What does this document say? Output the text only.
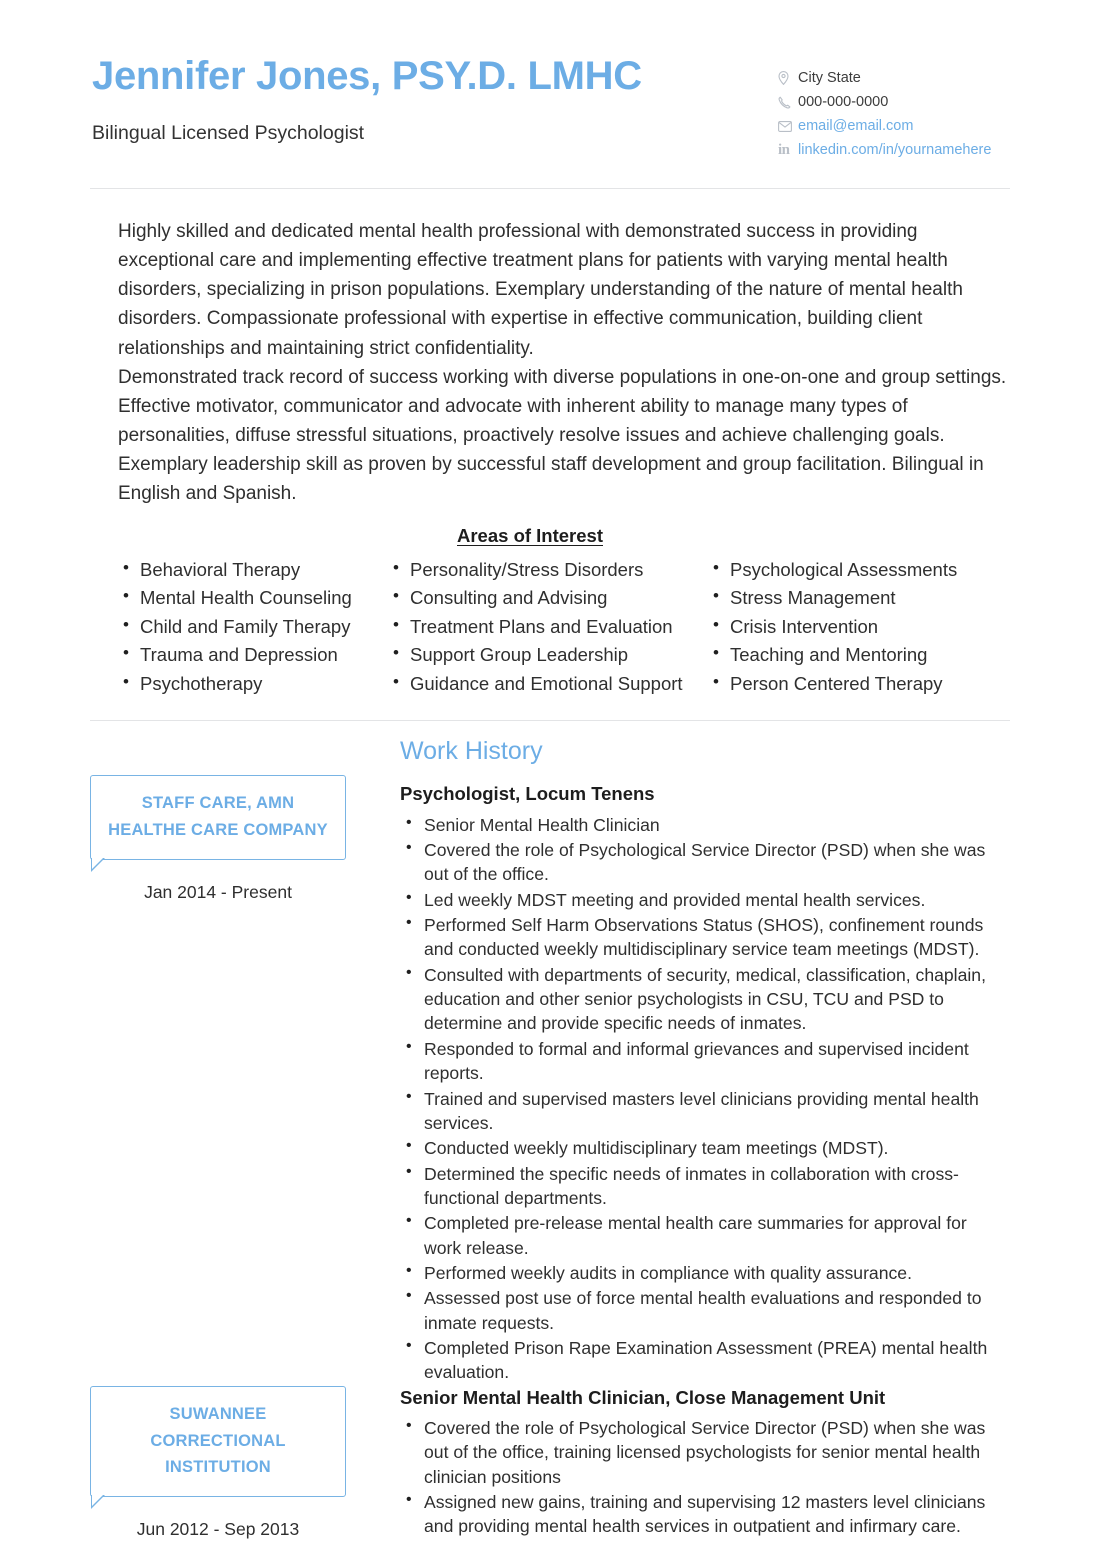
Jennifer Jones, PSY.D. LMHC
Bilingual Licensed Psychologist
City State
000-000-0000
email@email.com
in linkedin.com/in/yournamehere

Highly skilled and dedicated mental health professional with demonstrated success in providing exceptional care and implementing effective treatment plans for patients with varying mental health disorders, specializing in prison populations. Exemplary understanding of the nature of mental health disorders. Compassionate professional with expertise in effective communication, building client relationships and maintaining strict confidentiality.

Demonstrated track record of success working with diverse populations in one-on-one and group settings. Effective motivator, communicator and advocate with inherent ability to manage many types of personalities, diffuse stressful situations, proactively resolve issues and achieve challenging goals. Exemplary leadership skill as proven by successful staff development and group facilitation. Bilingual in English and Spanish.

Areas of Interest
• Behavioral Therapy
• Mental Health Counseling
• Child and Family Therapy
• Trauma and Depression
• Psychotherapy
• Personality/Stress Disorders
• Consulting and Advising
• Treatment Plans and Evaluation
• Support Group Leadership
• Guidance and Emotional Support
• Psychological Assessments
• Stress Management
• Crisis Intervention
• Teaching and Mentoring
• Person Centered Therapy
STAFF CARE, AMN HEALTHE CARE COMPANY
Jan 2014 - Present
Work History
Psychologist, Locum Tenens
• Senior Mental Health Clinician
• Covered the role of Psychological Service Director (PSD) when she was out of the office.
• Led weekly MDST meeting and provided mental health services.
• Performed Self Harm Observations Status (SHOS), confinement rounds and conducted weekly multidisciplinary service team meetings (MDST).
• Consulted with departments of security, medical, classification, chaplain, education and other senior psychologists in CSU, TCU and PSD to determine and provide specific needs of inmates.
• Responded to formal and informal grievances and supervised incident reports.
• Trained and supervised masters level clinicians providing mental health services.
• Conducted weekly multidisciplinary team meetings (MDST).
• Determined the specific needs of inmates in collaboration with cross-functional departments.
• Completed pre-release mental health care summaries for approval for work release.
• Performed weekly audits in compliance with quality assurance.
• Assessed post use of force mental health evaluations and responded to inmate requests.
• Completed Prison Rape Examination Assessment (PREA) mental health evaluation.
SUWANNEE CORRECTIONAL INSTITUTION
Jun 2012 - Sep 2013
Senior Mental Health Clinician, Close Management Unit
• Covered the role of Psychological Service Director (PSD) when she was out of the office, training licensed psychologists for senior mental health clinician positions
• Assigned new gains, training and supervising 12 masters level clinicians and providing mental health services in outpatient and infirmary care.
